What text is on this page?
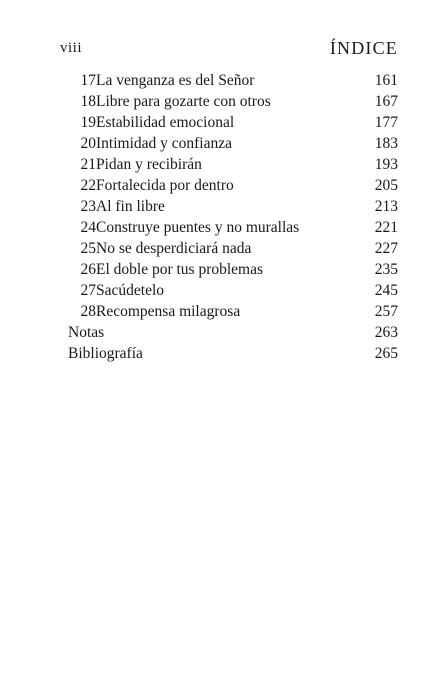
viii	ÍNDICE
17 La venganza es del Señor	161
18 Libre para gozarte con otros	167
19 Estabilidad emocional	177
20 Intimidad y confianza	183
21 Pidan y recibirán	193
22 Fortalecida por dentro	205
23 Al fin libre	213
24 Construye puentes y no murallas	221
25 No se desperdiciará nada	227
26 El doble por tus problemas	235
27 Sacúdetelo	245
28 Recompensa milagrosa	257
Notas	263
Bibliografía	265
